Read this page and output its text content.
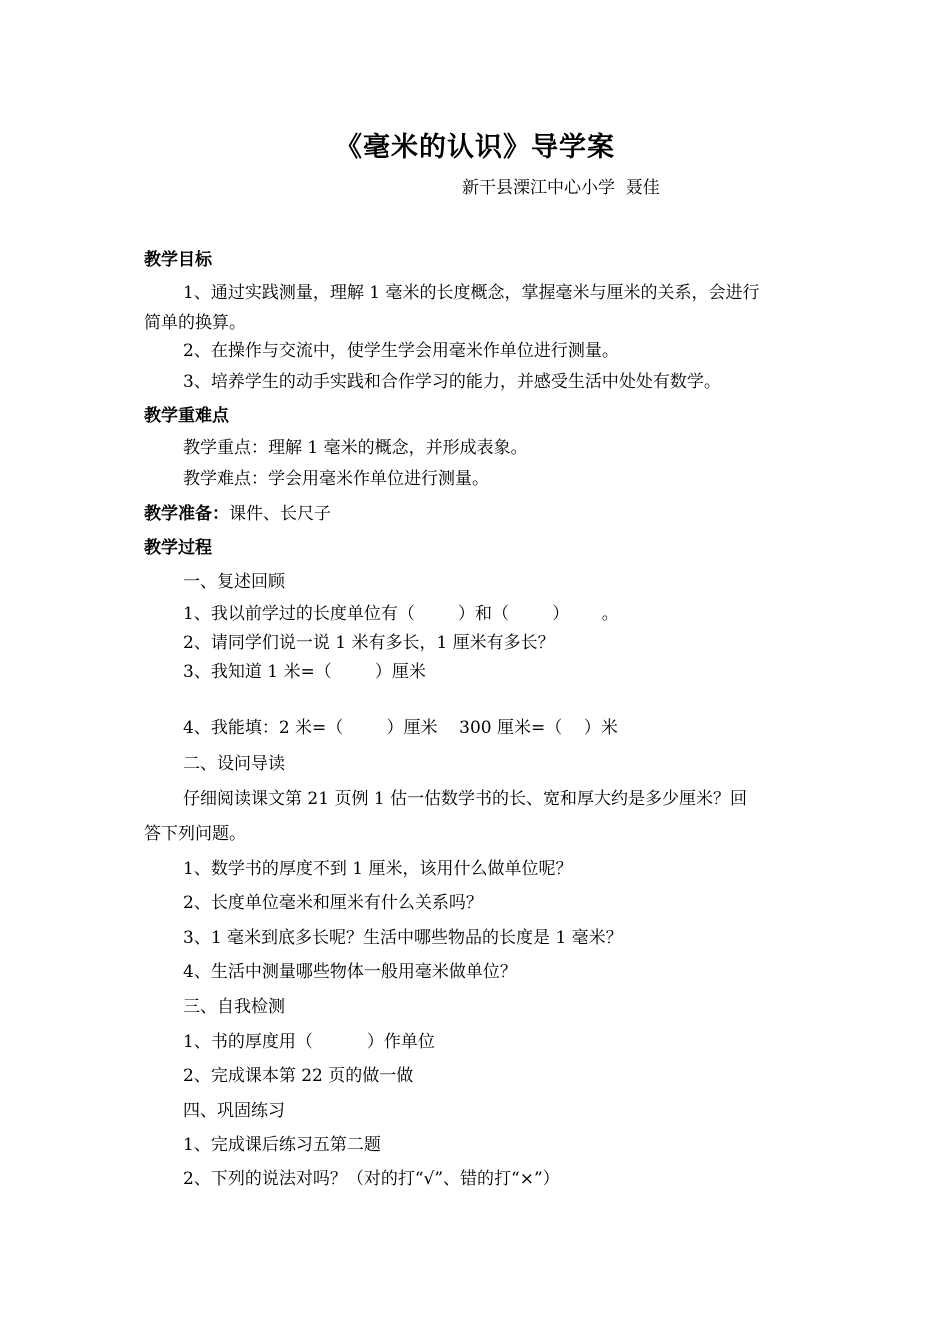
《毫米的认识》导学案
新干县溧江中心小学  聂佳
教学目标
1、通过实践测量，理解 1 毫米的长度概念，掌握毫米与厘米的关系，会进行
简单的换算。
2、在操作与交流中，使学生学会用毫米作单位进行测量。
3、培养学生的动手实践和合作学习的能力，并感受生活中处处有数学。
教学重难点
教学重点：理解 1 毫米的概念，并形成表象。
教学难点：学会用毫米作单位进行测量。
教学准备：课件、长尺子
教学过程
一、复述回顾
1、我以前学过的长度单位有（        ）和（        ）      。
2、请同学们说一说 1 米有多长，1 厘米有多长？
3、我知道 1 米=（        ）厘米
4、我能填：2 米=（        ）厘米    300 厘米=（    ）米
二、设问导读
仔细阅读课文第 21 页例 1 估一估数学书的长、宽和厚大约是多少厘米？回
答下列问题。
1、数学书的厚度不到 1 厘米，该用什么做单位呢？
2、长度单位毫米和厘米有什么关系吗？
3、1 毫米到底多长呢？生活中哪些物品的长度是 1 毫米？
4、生活中测量哪些物体一般用毫米做单位？
三、自我检测
1、书的厚度用（          ）作单位
2、完成课本第 22 页的做一做
四、巩固练习
1、完成课后练习五第二题
2、下列的说法对吗？（对的打“√”、错的打“×”）
